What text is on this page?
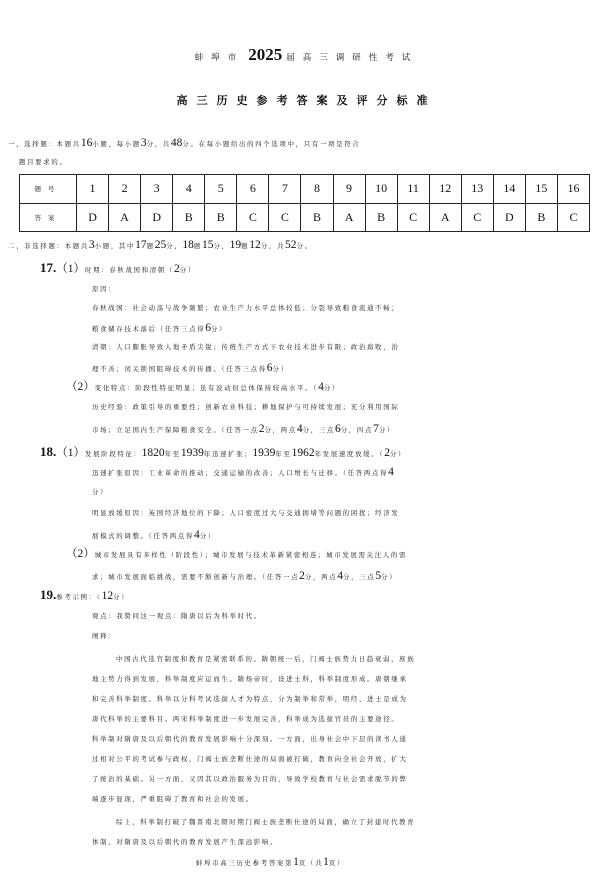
蚌埠市 2025 届高三调研性考试
高三历史参考答案及评分标准
一、选择题：本题共16小题，每小题3分，共48分。在每小题给出的四个选项中，只有一项是符合
题目要求的。
题号	1	2	3	4	5	6	7	8	9	10	11	12	13	14	15	16
答案	D	A	D	B	B	C	C	B	A	B	C	A	C	D	B	C
二、非选择题：本题共3小题，其中17题25分，18题15分，19题12分，共52分。
17.（1）时期：春秋战国和清朝（2分）
原因：
春秋战国：社会动荡与战争频繁；农业生产力水平总体较低；分裂导致粮食流通不畅；
粮食储存技术落后（任答三点得6分）
清朝：人口膨胀导致人地矛盾尖锐；传统生产方式下农业技术进步有限；政治腐败，治
理不善；闭关锁国阻碍技术的传播。（任答三点得6分）
（2）变化特点：阶段性特征明显；虽有波动但总体保持较高水平。（4分）
历史经验：政策引导的重要性；创新农业科技；耕地保护与可持续发展；充分利用国际
市场；立足国内生产保障粮食安全。（任答一点2分，两点4分，三点6分，四点7分）
18.（1）发展阶段特征：1820年至1939年迅速扩张；1939年至1962年发展速度放缓。（2分）
迅速扩张原因：工业革命的推动；交通运输的改善；人口增长与迁移。（任答两点得4
分）
明显放缓原因：英国经济地位的下降；人口密度过大与交通拥堵等问题的困扰；经济发
展模式的调整。（任答两点得4分）
（2）城市发展具有多样性（阶段性）；城市发展与技术革新紧密相连；城市发展需关注人的需
求；城市发展面临挑战，需要不断创新与治理。（任答一点2分，两点4分，三点5分）
19.参考示例：（12分）
观点：我赞同这一观点：隋唐以后为科举时代。
阐释：
中国古代选官制度和教育是紧密联系的。隋朝统一后，门阀士族势力日趋衰弱，庶族
地主势力得到发展，科举制度应运而生。隋炀帝时，设进士科，科举制度形成。唐朝继承
和完善科举制度。科举以分科考试选拔人才为特点，分为制举和常举，明经、进士是成为
唐代科举的主要科目。两宋科举制度进一步发展完善，科举成为选拔官员的主要途径。
科举制对隋唐及以后朝代的教育发展影响十分深刻。一方面，出身社会中下层的读书人通
过相对公平的考试参与政权，门阀士族垄断仕途的局面被打破，教育向全社会开放，扩大
了统治的基础。另一方面，又因其以政治服务为目的，导致学校教育与社会需求脱节的弊
端逐步显现，严重阻碍了教育和社会的发展。
综上，科举制打破了魏晋南北朝时期门阀士族垄断仕途的局面，确立了封建时代教育
体制，对隋唐及以后朝代的教育发展产生深远影响。
蚌埠市高三历史参考答案第1页（共1页）
